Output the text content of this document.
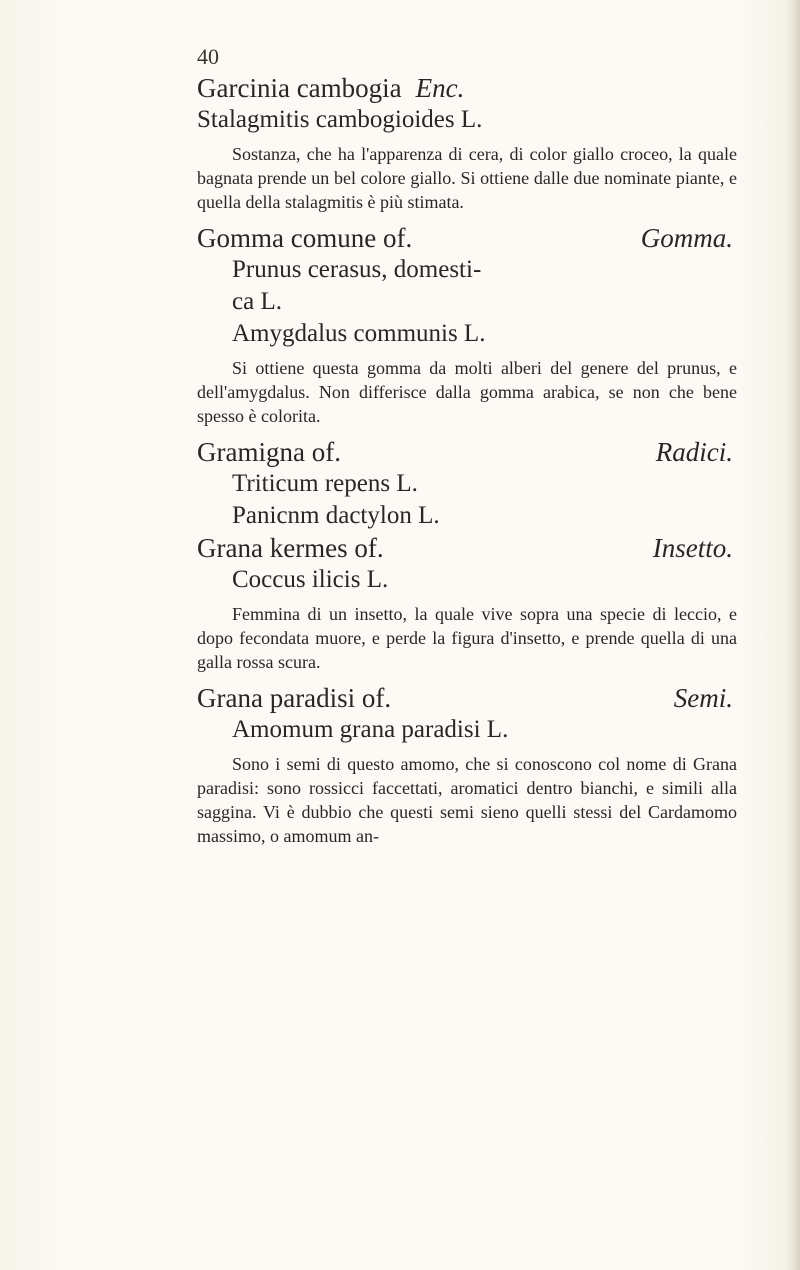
40
Garcinia cambogia Enc.
Stalagmitis cambogioides L.

Sostanza, che ha l'apparenza di cera, di color giallo croceo, la quale bagnata prende un bel colore giallo. Si ottiene dalle due nominate piante, e quella della stalagmitis è più stimata.

Gomma comune of.	Gomma.
Prunus cerasus, domesti-
ca L.
Amygdalus communis L.

Si ottiene questa gomma da molti alberi del genere del prunus, e dell'amygdalus. Non differisce dalla gomma arabica, se non che bene spesso è colorita.

Gramigna of.	Radici.
Triticum repens L.
Panicnm dactylon L.
Grana kermes of.	Insetto.
Coccus ilicis L.

Femmina di un insetto, la quale vive sopra una specie di leccio, e dopo fecondata muore, e perde la figura d'insetto, e prende quella di una galla rossa scura.

Grana paradisi of.	Semi.
Amomum grana paradisi L.

Sono i semi di questo amomo, che si conoscono col nome di Grana paradisi: sono rossicci faccettati, aromatici dentro bianchi, e simili alla saggina. Vi è dubbio che questi semi sieno quelli stessi del Cardamomo massimo, o amomum an-
